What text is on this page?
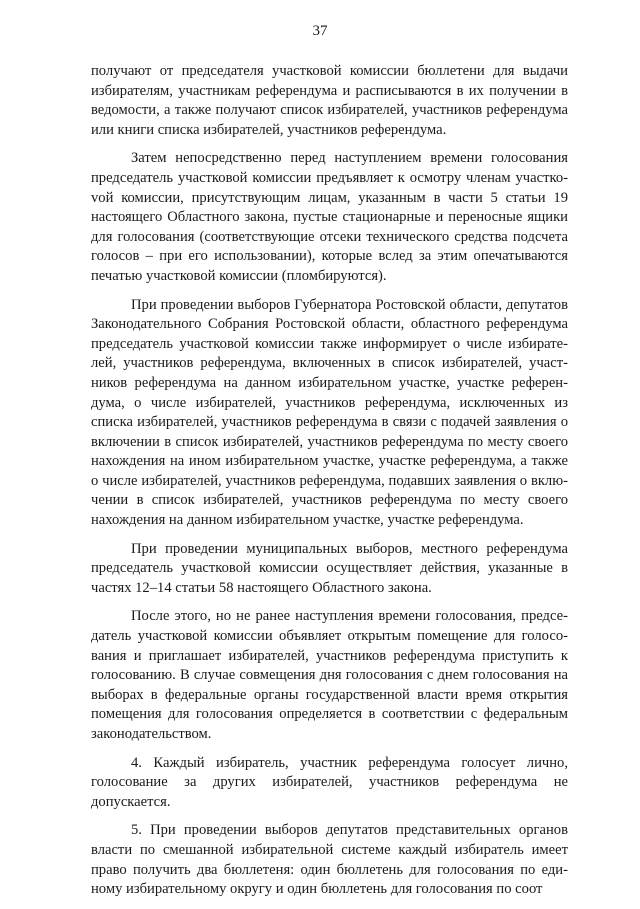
37

получают от председателя участковой комиссии бюллетени для выдачи избирателям, участникам референдума и расписываются в их получении в ведомости, а также получают список избирателей, участников референдума или книги списка избирателей, участников референдума.

Затем непосредственно перед наступлением времени голосования председатель участковой комиссии предъявляет к осмотру членам участкоvой комиссии, присутствующим лицам, указанным в части 5 статьи 19 настоящего Областного закона, пустые стационарные и переносные ящики для голосования (соответствующие отсеки технического средства подсчета голосов – при его использовании), которые вслед за этим опечатываются печатью участковой комиссии (пломбируются).

При проведении выборов Губернатора Ростовской области, депутатов Законодательного Собрания Ростовской области, областного референдума председатель участковой комиссии также информирует о числе избирателей, участников референдума, включенных в список избирателей, участников референдума на данном избирательном участке, участке референдума, о числе избирателей, участников референдума, исключенных из списка избирателей, участников референдума в связи с подачей заявления о включении в список избирателей, участников референдума по месту своего нахождения на ином избирательном участке, участке референдума, а также о числе избирателей, участников референдума, подавших заявления о включении в список избирателей, участников референдума по месту своего нахождения на данном избирательном участке, участке референдума.

При проведении муниципальных выборов, местного референдума председатель участковой комиссии осуществляет действия, указанные в частях 12–14 статьи 58 настоящего Областного закона.

После этого, но не ранее наступления времени голосования, председатель участковой комиссии объявляет открытым помещение для голосования и приглашает избирателей, участников референдума приступить к голосованию. В случае совмещения дня голосования с днем голосования на выборах в федеральные органы государственной власти время открытия помещения для голосования определяется в соответствии с федеральным законодательством.

4. Каждый избиратель, участник референдума голосует лично, голосование за других избирателей, участников референдума не допускается.

5. При проведении выборов депутатов представительных органов власти по смешанной избирательной системе каждый избиратель имеет право получить два бюллетеня: один бюллетень для голосования по единому избирательному округу и один бюллетень для голосования по соот
